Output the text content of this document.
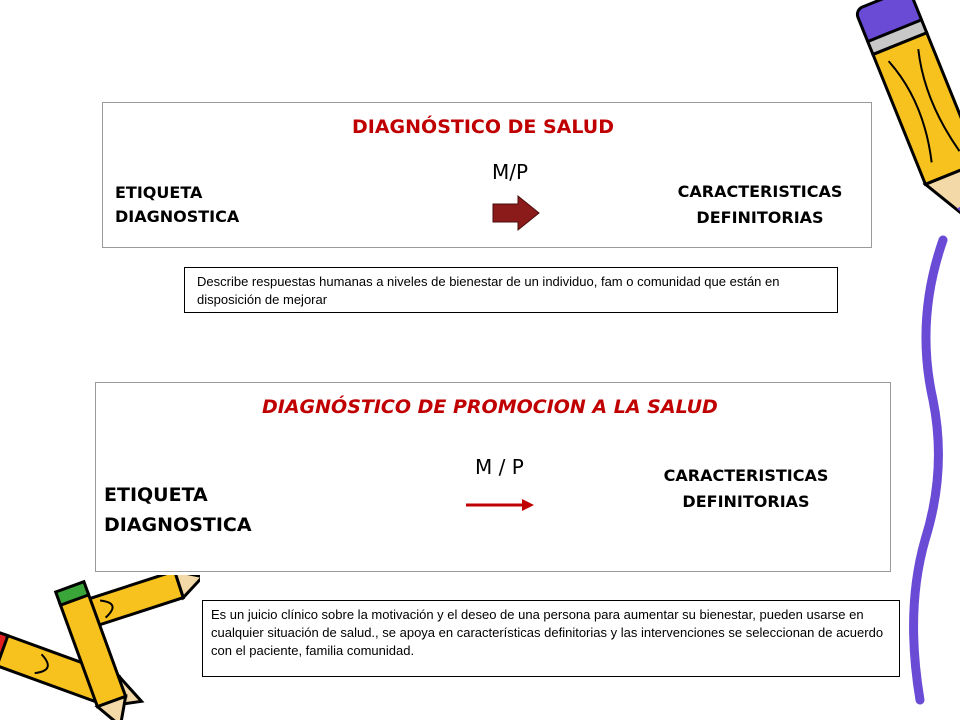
DIAGNÓSTICO DE SALUD
M/P
ETIQUETA
DIAGNOSTICA
CARACTERISTICAS
DEFINITORIAS
Describe respuestas humanas a niveles de bienestar de un individuo, fam o comunidad que están en disposición de mejorar
DIAGNÓSTICO DE PROMOCION A LA SALUD
M / P
ETIQUETA
DIAGNOSTICA
CARACTERISTICAS
DEFINITORIAS
Es un juicio clínico sobre la motivación y el deseo de una persona para aumentar su bienestar, pueden usarse en cualquier situación de salud., se apoya en características definitorias y las intervenciones se seleccionan de acuerdo con el paciente, familia comunidad.
